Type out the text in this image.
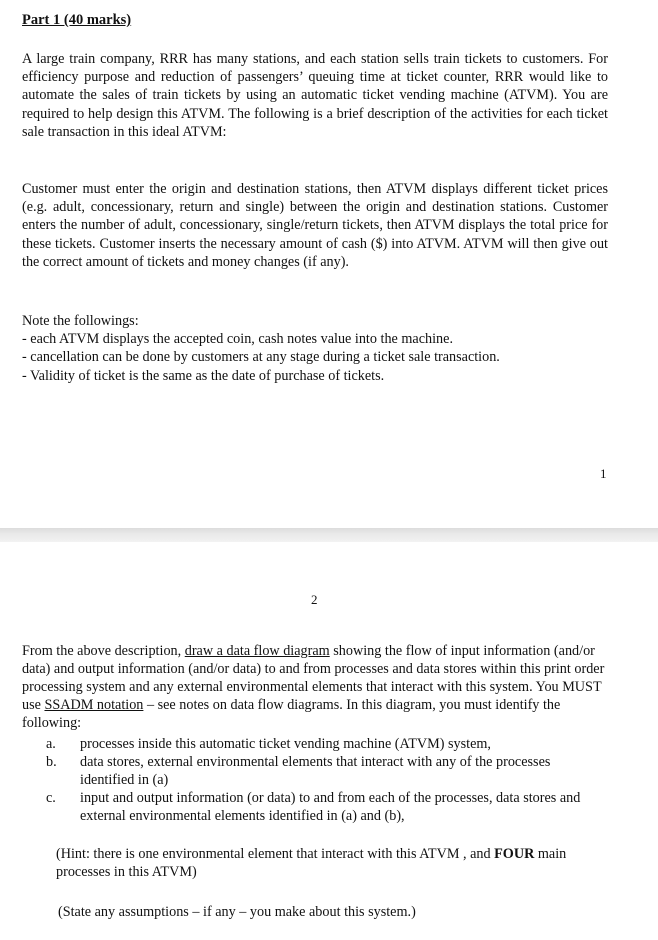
Part 1 (40 marks)

A large train company, RRR has many stations, and each station sells train tickets to customers. For efficiency purpose and reduction of passengers’ queuing time at ticket counter, RRR would like to automate the sales of train tickets by using an automatic ticket vending machine (ATVM). You are required to help design this ATVM. The following is a brief description of the activities for each ticket sale transaction in this ideal ATVM:

Customer must enter the origin and destination stations, then ATVM displays different ticket prices (e.g. adult, concessionary, return and single) between the origin and destination stations. Customer enters the number of adult, concessionary, single/return tickets, then ATVM displays the total price for these tickets. Customer inserts the necessary amount of cash ($) into ATVM. ATVM will then give out the correct amount of tickets and money changes (if any).

Note the followings:
- each ATVM displays the accepted coin, cash notes value into the machine.
- cancellation can be done by customers at any stage during a ticket sale transaction.
- Validity of ticket is the same as the date of purchase of tickets.
1
2

From the above description, draw a data flow diagram showing the flow of input information (and/or data) and output information (and/or data) to and from processes and data stores within this print order processing system and any external environmental elements that interact with this system. You MUST use SSADM notation – see notes on data flow diagrams. In this diagram, you must identify the following:

a.	processes inside this automatic ticket vending machine (ATVM) system,
b.	data stores, external environmental elements that interact with any of the processes identified in (a)
c.	input and output information (or data) to and from each of the processes, data stores and external environmental elements identified in (a) and (b),
(Hint: there is one environmental element that interact with this ATVM , and FOUR main processes in this ATVM)
(State any assumptions – if any – you make about this system.)
